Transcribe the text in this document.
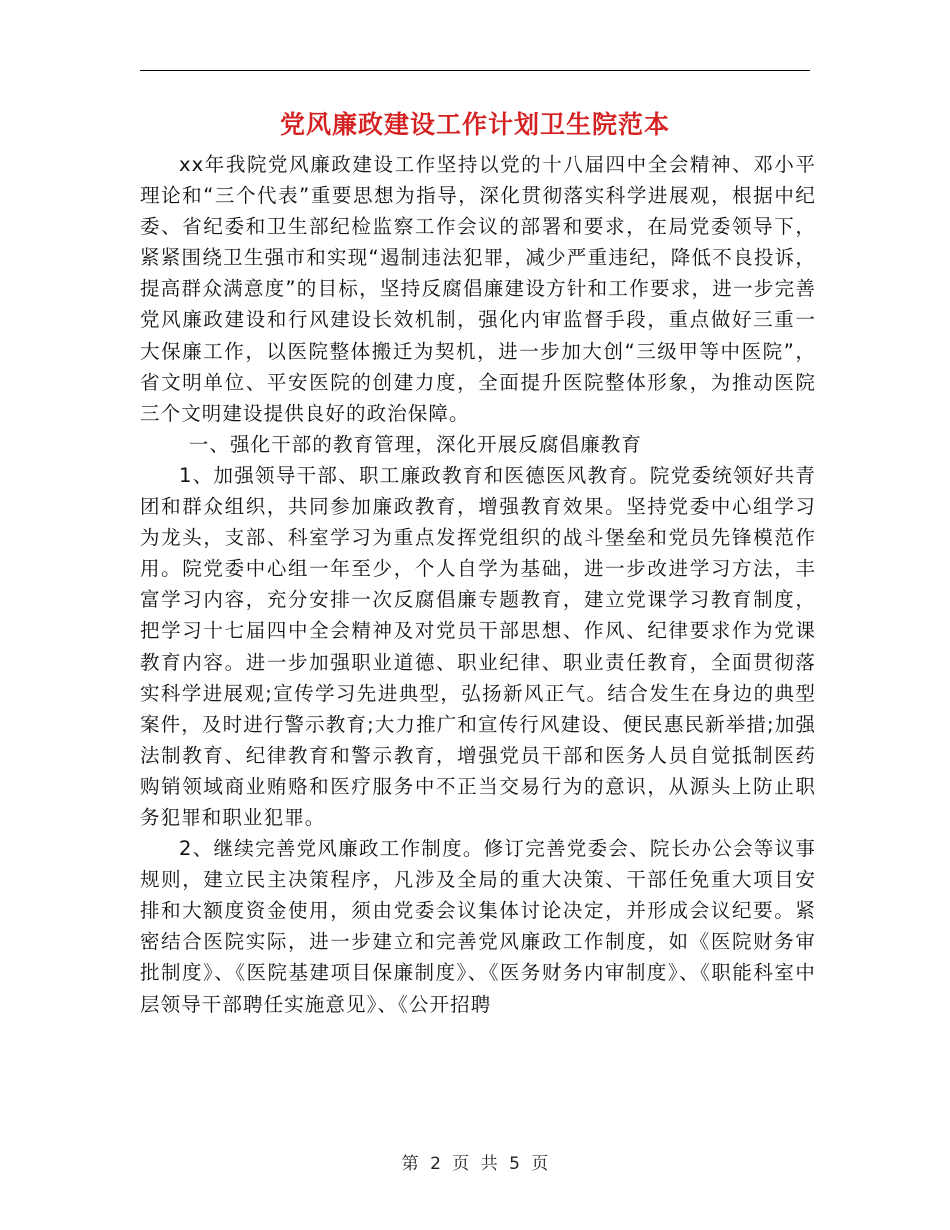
党风廉政建设工作计划卫生院范本

xx年我院党风廉政建设工作坚持以党的十八届四中全会精神、邓小平理论和“三个代表”重要思想为指导，深化贯彻落实科学进展观，根据中纪委、省纪委和卫生部纪检监察工作会议的部署和要求，在局党委领导下，紧紧围绕卫生强市和实现“遏制违法犯罪，减少严重违纪，降低不良投诉，提高群众满意度”的目标，坚持反腐倡廉建设方针和工作要求，进一步完善党风廉政建设和行风建设长效机制，强化内审监督手段，重点做好三重一大保廉工作，以医院整体搬迁为契机，进一步加大创“三级甲等中医院”，省文明单位、平安医院的创建力度，全面提升医院整体形象，为推动医院三个文明建设提供良好的政治保障。

一、强化干部的教育管理，深化开展反腐倡廉教育

1、加强领导干部、职工廉政教育和医德医风教育。院党委统领好共青团和群众组织，共同参加廉政教育，增强教育效果。坚持党委中心组学习为龙头，支部、科室学习为重点发挥党组织的战斗堡垒和党员先锋模范作用。院党委中心组一年至少，个人自学为基础，进一步改进学习方法，丰富学习内容，充分安排一次反腐倡廉专题教育，建立党课学习教育制度，把学习十七届四中全会精神及对党员干部思想、作风、纪律要求作为党课教育内容。进一步加强职业道德、职业纪律、职业责任教育，全面贯彻落实科学进展观;宣传学习先进典型，弘扬新风正气。结合发生在身边的典型案件，及时进行警示教育;大力推广和宣传行风建设、便民惠民新举措;加强法制教育、纪律教育和警示教育，增强党员干部和医务人员自觉抵制医药购销领域商业贿赂和医疗服务中不正当交易行为的意识，从源头上防止职务犯罪和职业犯罪。

2、继续完善党风廉政工作制度。修订完善党委会、院长办公会等议事规则，建立民主决策程序，凡涉及全局的重大决策、干部任免重大项目安排和大额度资金使用，须由党委会议集体讨论决定，并形成会议纪要。紧密结合医院实际，进一步建立和完善党风廉政工作制度，如《医院财务审批制度》、《医院基建项目保廉制度》、《医务财务内审制度》、《职能科室中层领导干部聘任实施意见》、《公开招聘

第 2 页 共 5 页
